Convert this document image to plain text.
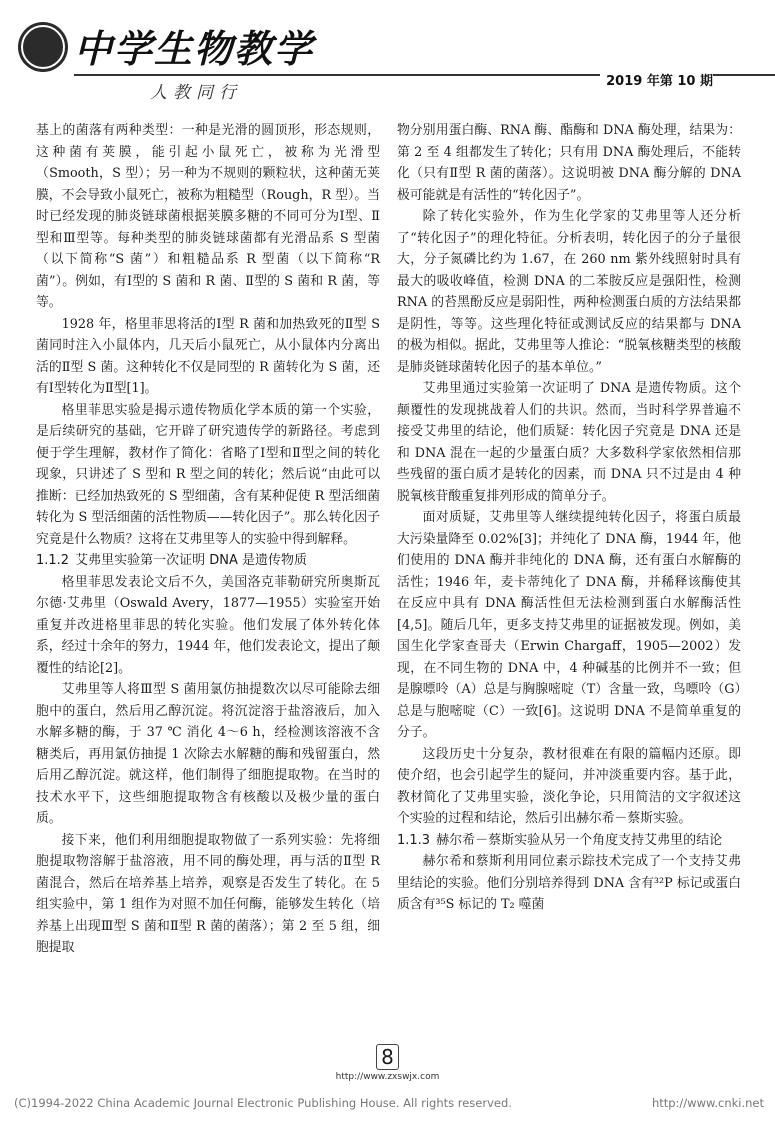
中学生物教学
人教同行
2019 年第 10 期

基上的菌落有两种类型：一种是光滑的圆顶形，形态规则，这种菌有荚膜，能引起小鼠死亡，被称为光滑型（Smooth，S 型）；另一种为不规则的颗粒状，这种菌无荚膜，不会导致小鼠死亡，被称为粗糙型（Rough，R 型）。当时已经发现的肺炎链球菌根据荚膜多糖的不同可分为Ⅰ型、Ⅱ型和Ⅲ型等。每种类型的肺炎链球菌都有光滑品系 S 型菌（以下简称“S 菌”）和粗糙品系 R 型菌（以下简称“R 菌”）。例如，有Ⅰ型的 S 菌和 R 菌、Ⅱ型的 S 菌和 R 菌，等等。

1928 年，格里菲思将活的Ⅰ型 R 菌和加热致死的Ⅱ型 S 菌同时注入小鼠体内，几天后小鼠死亡，从小鼠体内分离出活的Ⅱ型 S 菌。这种转化不仅是同型的 R 菌转化为 S 菌，还有Ⅰ型转化为Ⅱ型[1]。

格里菲思实验是揭示遗传物质化学本质的第一个实验，是后续研究的基础，它开辟了研究遗传学的新路径。考虑到便于学生理解，教材作了简化：省略了Ⅰ型和Ⅱ型之间的转化现象，只讲述了 S 型和 R 型之间的转化；然后说“由此可以推断：已经加热致死的 S 型细菌，含有某种促使 R 型活细菌转化为 S 型活细菌的活性物质——转化因子”。那么转化因子究竟是什么物质？这将在艾弗里等人的实验中得到解释。

1.1.2 艾弗里实验第一次证明 DNA 是遗传物质

格里菲思发表论文后不久，美国洛克菲勒研究所奥斯瓦尔德·艾弗里（Oswald Avery，1877—1955）实验室开始重复并改进格里菲思的转化实验。他们发展了体外转化体系，经过十余年的努力，1944 年，他们发表论文，提出了颠覆性的结论[2]。

艾弗里等人将Ⅲ型 S 菌用氯仿抽提数次以尽可能除去细胞中的蛋白，然后用乙醇沉淀。将沉淀溶于盐溶液后，加入水解多糖的酶，于 37 ℃ 消化 4～6 h，经检测该溶液不含糖类后，再用氯仿抽提 1 次除去水解糖的酶和残留蛋白，然后用乙醇沉淀。就这样，他们制得了细胞提取物。在当时的技术水平下，这些细胞提取物含有核酸以及极少量的蛋白质。

接下来，他们利用细胞提取物做了一系列实验：先将细胞提取物溶解于盐溶液，用不同的酶处理，再与活的Ⅱ型 R 菌混合，然后在培养基上培养，观察是否发生了转化。在 5 组实验中，第 1 组作为对照不加任何酶，能够发生转化（培养基上出现Ⅲ型 S 菌和Ⅱ型 R 菌的菌落）；第 2 至 5 组，细胞提取

物分别用蛋白酶、RNA 酶、酯酶和 DNA 酶处理，结果为：第 2 至 4 组都发生了转化；只有用 DNA 酶处理后，不能转化（只有Ⅱ型 R 菌的菌落）。这说明被 DNA 酶分解的 DNA 极可能就是有活性的“转化因子”。

除了转化实验外，作为生化学家的艾弗里等人还分析了“转化因子”的理化特征。分析表明，转化因子的分子量很大，分子氮磷比约为 1.67，在 260 nm 紫外线照射时具有最大的吸收峰值，检测 DNA 的二苯胺反应是强阳性，检测 RNA 的苔黑酚反应是弱阳性，两种检测蛋白质的方法结果都是阴性，等等。这些理化特征或测试反应的结果都与 DNA 的极为相似。据此，艾弗里等人推论：“脱氧核糖类型的核酸是肺炎链球菌转化因子的基本单位。”

艾弗里通过实验第一次证明了 DNA 是遗传物质。这个颠覆性的发现挑战着人们的共识。然而，当时科学界普遍不接受艾弗里的结论，他们质疑：转化因子究竟是 DNA 还是和 DNA 混在一起的少量蛋白质？大多数科学家依然相信那些残留的蛋白质才是转化的因素，而 DNA 只不过是由 4 种脱氧核苷酸重复排列形成的简单分子。

面对质疑，艾弗里等人继续提纯转化因子，将蛋白质最大污染量降至 0.02%[3]；并纯化了 DNA 酶，1944 年，他们使用的 DNA 酶并非纯化的 DNA 酶，还有蛋白水解酶的活性；1946 年，麦卡蒂纯化了 DNA 酶，并稀释该酶使其在反应中具有 DNA 酶活性但无法检测到蛋白水解酶活性[4,5]。随后几年，更多支持艾弗里的证据被发现。例如，美国生化学家查哥夫（Erwin Chargaff，1905—2002）发现，在不同生物的 DNA 中，4 种碱基的比例并不一致；但是腺嘌呤（A）总是与胸腺嘧啶（T）含量一致，鸟嘌呤（G）总是与胞嘧啶（C）一致[6]。这说明 DNA 不是简单重复的分子。

这段历史十分复杂，教材很难在有限的篇幅内还原。即使介绍，也会引起学生的疑问，并冲淡重要内容。基于此，教材简化了艾弗里实验，淡化争论，只用简洁的文字叙述这个实验的过程和结论，然后引出赫尔希－蔡斯实验。

1.1.3 赫尔希－蔡斯实验从另一个角度支持艾弗里的结论

赫尔希和蔡斯利用同位素示踪技术完成了一个支持艾弗里结论的实验。他们分别培养得到 DNA 含有³²P 标记或蛋白质含有³⁵S 标记的 T₂ 噬菌

8
http://www.zxswjx.com
(C)1994-2022 China Academic Journal Electronic Publishing House. All rights reserved.	http://www.cnki.net
